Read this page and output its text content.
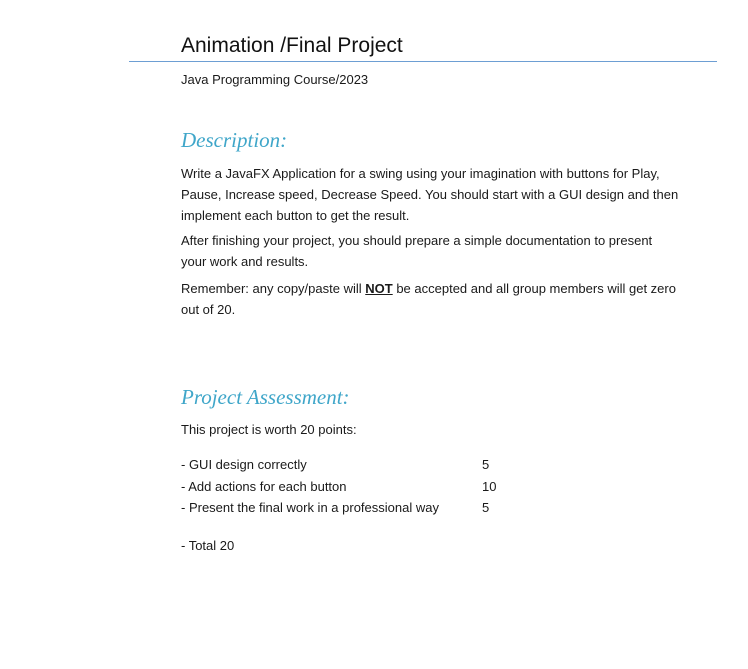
Animation /Final Project
Java Programming Course/2023
Description:

Write a JavaFX Application for a swing using your imagination with buttons for Play, Pause, Increase speed, Decrease Speed. You should start with a GUI design and then implement each button to get the result.

After finishing your project, you should prepare a simple documentation to present your work and results.

Remember: any copy/paste will NOT be accepted and all group members will get zero out of 20.

Project Assessment:
This project is worth 20 points:
- GUI design correctly	5
- Add actions for each button	10
- Present the final work in a professional way	5
- Total 20
